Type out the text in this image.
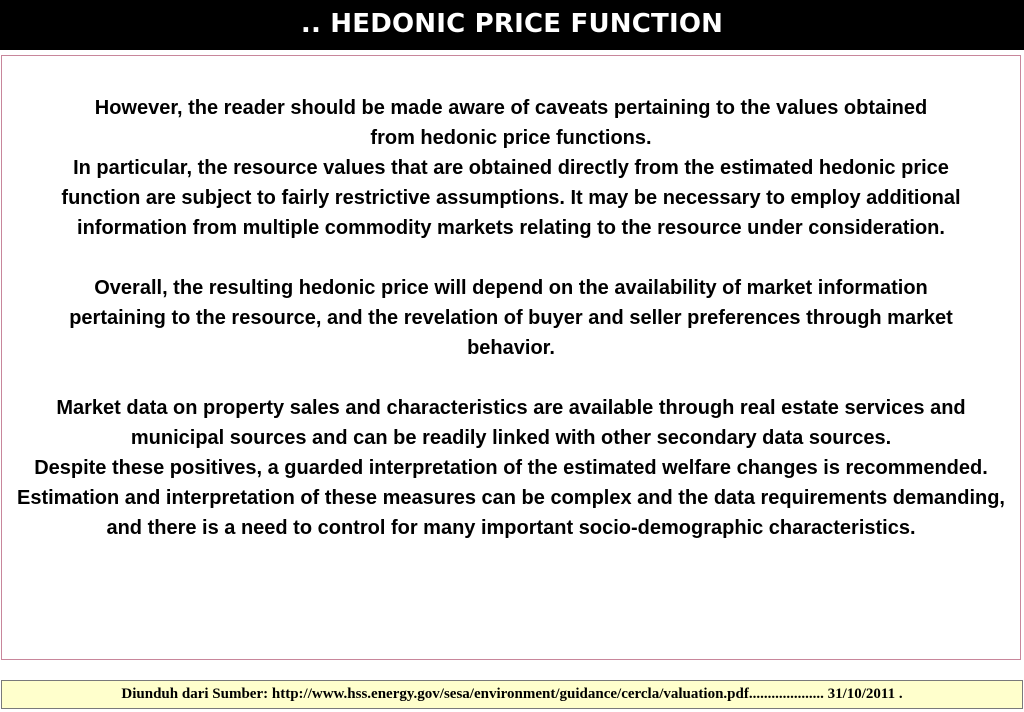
.. HEDONIC PRICE FUNCTION
However, the reader should be made aware of caveats pertaining to the values obtained from hedonic price functions.
In particular, the resource values that are obtained directly from the estimated hedonic price function are subject to fairly restrictive assumptions. It may be necessary to employ additional information from multiple commodity markets relating to the resource under consideration.
Overall, the resulting hedonic price will depend on the availability of market information pertaining to the resource, and the revelation of buyer and seller preferences through market behavior.
Market data on property sales and characteristics are available through real estate services and municipal sources and can be readily linked with other secondary data sources.
Despite these positives, a guarded interpretation of the estimated welfare changes is recommended.
Estimation and interpretation of these measures can be complex and the data requirements demanding, and there is a need to control for many important socio-demographic characteristics.
Diunduh dari Sumber: http://www.hss.energy.gov/sesa/environment/guidance/cercla/valuation.pdf.................... 31/10/2011 .
